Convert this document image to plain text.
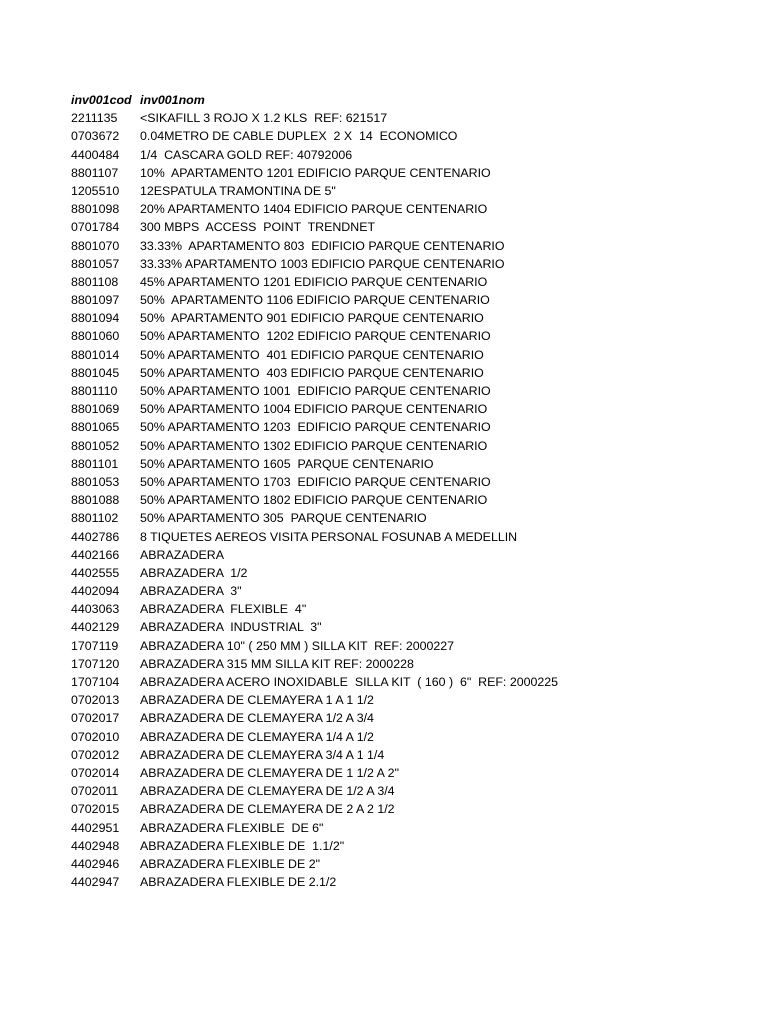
inv001cod inv001nom
2211135	<SIKAFILL 3 ROJO X 1.2 KLS  REF: 621517
0703672	0.04METRO DE CABLE DUPLEX  2 X  14  ECONOMICO
4400484	1/4  CASCARA GOLD REF: 40792006
8801107	10%  APARTAMENTO 1201 EDIFICIO PARQUE CENTENARIO
1205510	12ESPATULA TRAMONTINA DE 5"
8801098	20% APARTAMENTO 1404 EDIFICIO PARQUE CENTENARIO
0701784	300 MBPS  ACCESS  POINT  TRENDNET
8801070	33.33%  APARTAMENTO 803  EDIFICIO PARQUE CENTENARIO
8801057	33.33% APARTAMENTO 1003 EDIFICIO PARQUE CENTENARIO
8801108	45% APARTAMENTO 1201 EDIFICIO PARQUE CENTENARIO
8801097	50%  APARTAMENTO 1106 EDIFICIO PARQUE CENTENARIO
8801094	50%  APARTAMENTO 901 EDIFICIO PARQUE CENTENARIO
8801060	50% APARTAMENTO  1202 EDIFICIO PARQUE CENTENARIO
8801014	50% APARTAMENTO  401 EDIFICIO PARQUE CENTENARIO
8801045	50% APARTAMENTO  403 EDIFICIO PARQUE CENTENARIO
8801110	50% APARTAMENTO 1001  EDIFICIO PARQUE CENTENARIO
8801069	50% APARTAMENTO 1004 EDIFICIO PARQUE CENTENARIO
8801065	50% APARTAMENTO 1203  EDIFICIO PARQUE CENTENARIO
8801052	50% APARTAMENTO 1302 EDIFICIO PARQUE CENTENARIO
8801101	50% APARTAMENTO 1605  PARQUE CENTENARIO
8801053	50% APARTAMENTO 1703  EDIFICIO PARQUE CENTENARIO
8801088	50% APARTAMENTO 1802 EDIFICIO PARQUE CENTENARIO
8801102	50% APARTAMENTO 305  PARQUE CENTENARIO
4402786	8 TIQUETES AEREOS VISITA PERSONAL FOSUNAB A MEDELLIN
4402166	ABRAZADERA
4402555	ABRAZADERA  1/2
4402094	ABRAZADERA  3"
4403063	ABRAZADERA  FLEXIBLE  4"
4402129	ABRAZADERA  INDUSTRIAL  3"
1707119	ABRAZADERA 10" ( 250 MM ) SILLA KIT  REF: 2000227
1707120	ABRAZADERA 315 MM SILLA KIT REF: 2000228
1707104	ABRAZADERA ACERO INOXIDABLE  SILLA KIT  ( 160 )  6"  REF: 2000225
0702013	ABRAZADERA DE CLEMAYERA 1 A 1 1/2
0702017	ABRAZADERA DE CLEMAYERA 1/2 A 3/4
0702010	ABRAZADERA DE CLEMAYERA 1/4 A 1/2
0702012	ABRAZADERA DE CLEMAYERA 3/4 A 1 1/4
0702014	ABRAZADERA DE CLEMAYERA DE 1 1/2 A 2"
0702011	ABRAZADERA DE CLEMAYERA DE 1/2 A 3/4
0702015	ABRAZADERA DE CLEMAYERA DE 2 A 2 1/2
4402951	ABRAZADERA FLEXIBLE  DE 6"
4402948	ABRAZADERA FLEXIBLE DE  1.1/2"
4402946	ABRAZADERA FLEXIBLE DE 2"
4402947	ABRAZADERA FLEXIBLE DE 2.1/2
